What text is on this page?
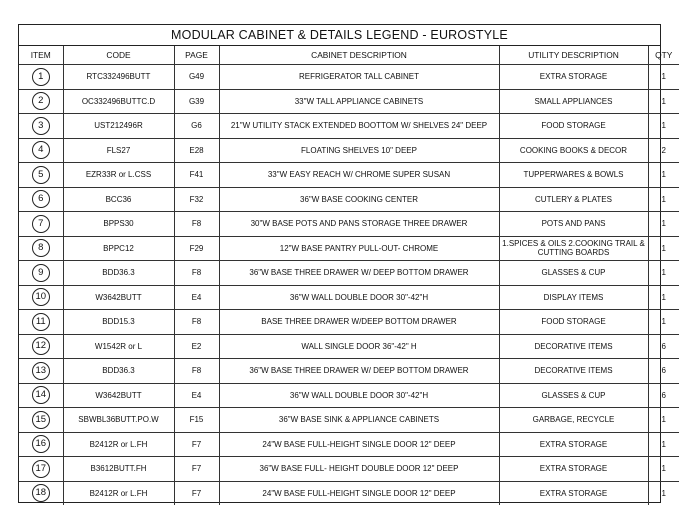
MODULAR CABINET & DETAILS LEGEND - EUROSTYLE
ITEM	CODE	PAGE	CABINET DESCRIPTION	UTILITY DESCRIPTION	QTY
1	RTC332496BUTT	G49	REFRIGERATOR TALL CABINET	EXTRA STORAGE	1
2	OC332496BUTTC.D	G39	33"W TALL APPLIANCE CABINETS	SMALL APPLIANCES	1
3	UST212496R	G6	21"W UTILITY STACK EXTENDED BOOTTOM W/ SHELVES 24" DEEP	FOOD STORAGE	1
4	FLS27	E28	FLOATING SHELVES 10" DEEP	COOKING BOOKS & DECOR	2
5	EZR33R or L.CSS	F41	33"W EASY REACH W/ CHROME SUPER SUSAN	TUPPERWARES & BOWLS	1
6	BCC36	F32	36"W BASE COOKING CENTER	CUTLERY & PLATES	1
7	BPPS30	F8	30"W BASE POTS AND PANS STORAGE THREE DRAWER	POTS AND PANS	1
8	BPPC12	F29	12"W BASE PANTRY PULL-OUT- CHROME	1.SPICES & OILS 2.COOKING TRAIL & CUTTING BOARDS	1
9	BDD36.3	F8	36"W BASE THREE DRAWER W/ DEEP BOTTOM DRAWER	GLASSES & CUP	1
10	W3642BUTT	E4	36"W WALL DOUBLE DOOR 30"-42"H	DISPLAY ITEMS	1
11	BDD15.3	F8	BASE THREE DRAWER W/DEEP BOTTOM DRAWER	FOOD STORAGE	1
12	W1542R or L	E2	WALL SINGLE DOOR 36"-42" H	DECORATIVE ITEMS	6
13	BDD36.3	F8	36"W BASE THREE DRAWER W/ DEEP BOTTOM DRAWER	DECORATIVE ITEMS	6
14	W3642BUTT	E4	36"W WALL DOUBLE DOOR 30"-42"H	GLASSES & CUP	6
15	SBWBL36BUTT.PO.W	F15	36"W BASE SINK & APPLIANCE CABINETS	GARBAGE, RECYCLE	1
16	B2412R or L.FH	F7	24"W BASE FULL-HEIGHT SINGLE DOOR 12" DEEP	EXTRA STORAGE	1
17	B3612BUTT.FH	F7	36"W BASE FULL- HEIGHT DOUBLE DOOR 12" DEEP	EXTRA STORAGE	1
18	B2412R or L.FH	F7	24"W BASE FULL-HEIGHT SINGLE DOOR 12" DEEP	EXTRA STORAGE	1
